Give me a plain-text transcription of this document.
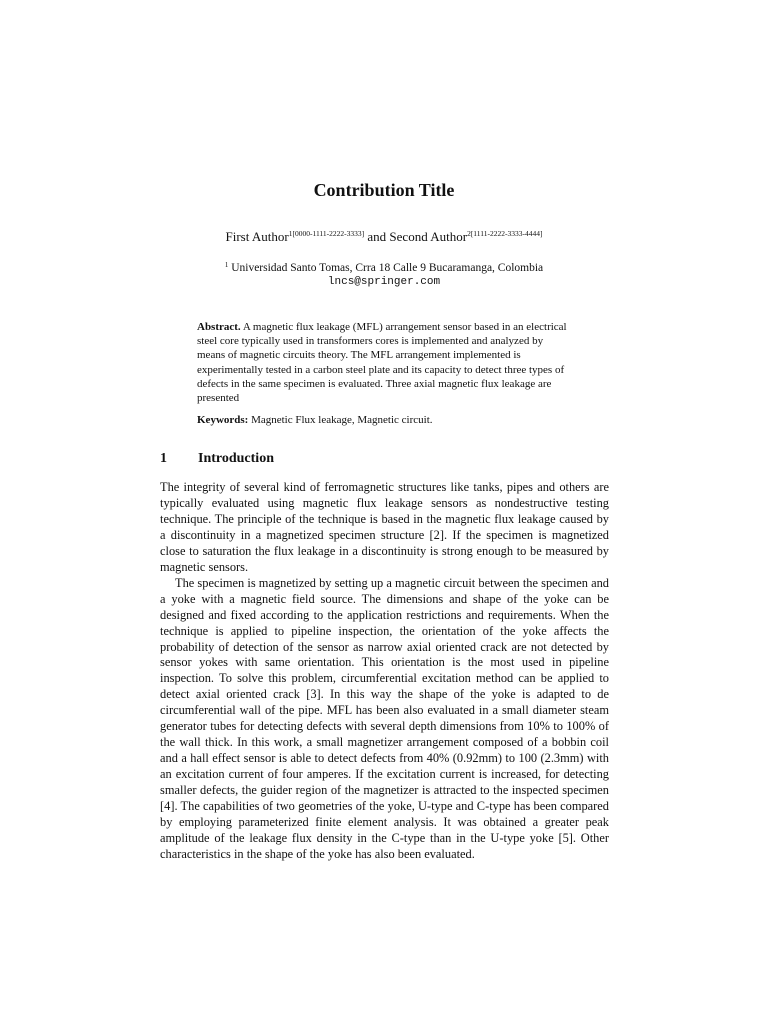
Contribution Title
First Author$^{1[0000-1111-2222-3333]}$ and Second Author$^{2[1111-2222-3333-4444]}$
$^1$ Universidad Santo Tomas, Crra 18 Calle 9 Bucaramanga, Colombia
lncs@springer.com
Abstract. A magnetic flux leakage (MFL) arrangement sensor based in an electrical steel core typically used in transformers cores is implemented and analyzed by means of magnetic circuits theory. The MFL arrangement implemented is experimentally tested in a carbon steel plate and its capacity to detect three types of defects in the same specimen is evaluated. Three axial magnetic flux leakage are presented
Keywords: Magnetic Flux leakage, Magnetic circuit.
1 Introduction

The integrity of several kind of ferromagnetic structures like tanks, pipes and others are typically evaluated using magnetic flux leakage sensors as nondestructive testing technique. The principle of the technique is based in the magnetic flux leakage caused by a discontinuity in a magnetized specimen structure [2]. If the specimen is magnetized close to saturation the flux leakage in a discontinuity is strong enough to be measured by magnetic sensors.

The specimen is magnetized by setting up a magnetic circuit between the specimen and a yoke with a magnetic field source. The dimensions and shape of the yoke can be designed and fixed according to the application restrictions and requirements. When the technique is applied to pipeline inspection, the orientation of the yoke affects the probability of detection of the sensor as narrow axial oriented crack are not detected by sensor yokes with same orientation. This orientation is the most used in pipeline inspection. To solve this problem, circumferential excitation method can be applied to detect axial oriented crack [3]. In this way the shape of the yoke is adapted to de circumferential wall of the pipe. MFL has been also evaluated in a small diameter steam generator tubes for detecting defects with several depth dimensions from 10% to 100% of the wall thick. In this work, a small magnetizer arrangement composed of a bobbin coil and a hall effect sensor is able to detect defects from 40% (0.92mm) to 100 (2.3mm) with an excitation current of four amperes. If the excitation current is increased, for detecting smaller defects, the guider region of the magnetizer is attracted to the inspected specimen [4]. The capabilities of two geometries of the yoke, U-type and C-type has been compared by employing parameterized finite element analysis. It was obtained a greater peak amplitude of the leakage flux density in the C-type than in the U-type yoke [5]. Other characteristics in the shape of the yoke has also been evaluated.
